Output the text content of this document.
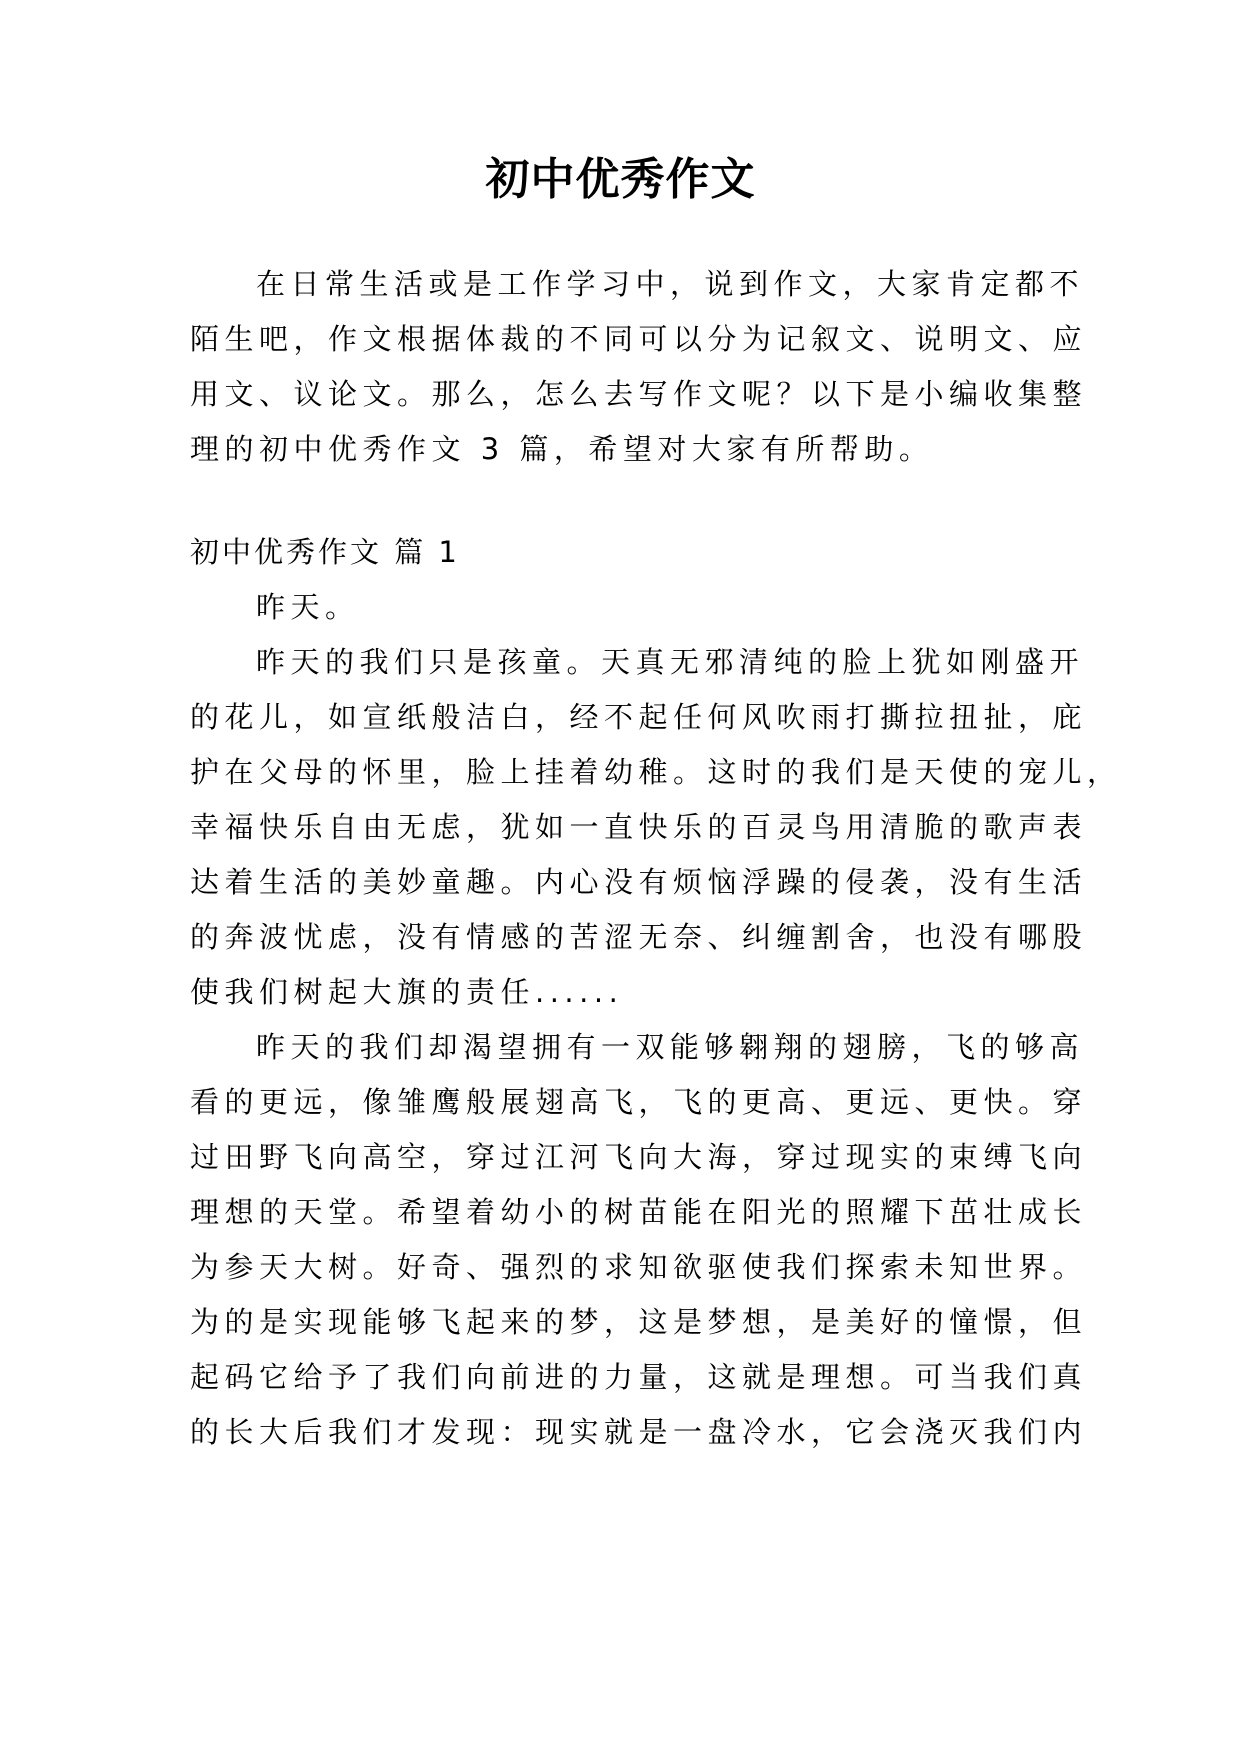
初中优秀作文
在日常生活或是工作学习中，说到作文，大家肯定都不
陌生吧，作文根据体裁的不同可以分为记叙文、说明文、应
用文、议论文。那么，怎么去写作文呢？以下是小编收集整
理的初中优秀作文 3 篇，希望对大家有所帮助。
初中优秀作文 篇 1
昨天。
昨天的我们只是孩童。天真无邪清纯的脸上犹如刚盛开
的花儿，如宣纸般洁白，经不起任何风吹雨打撕拉扭扯，庇
护在父母的怀里，脸上挂着幼稚。这时的我们是天使的宠儿，
幸福快乐自由无虑，犹如一直快乐的百灵鸟用清脆的歌声表
达着生活的美妙童趣。内心没有烦恼浮躁的侵袭，没有生活
的奔波忧虑，没有情感的苦涩无奈、纠缠割舍，也没有哪股
使我们树起大旗的责任......
昨天的我们却渴望拥有一双能够翱翔的翅膀，飞的够高
看的更远，像雏鹰般展翅高飞，飞的更高、更远、更快。穿
过田野飞向高空，穿过江河飞向大海，穿过现实的束缚飞向
理想的天堂。希望着幼小的树苗能在阳光的照耀下茁壮成长
为参天大树。好奇、强烈的求知欲驱使我们探索未知世界。
为的是实现能够飞起来的梦，这是梦想，是美好的憧憬，但
起码它给予了我们向前进的力量，这就是理想。可当我们真
的长大后我们才发现：现实就是一盘冷水，它会浇灭我们内
